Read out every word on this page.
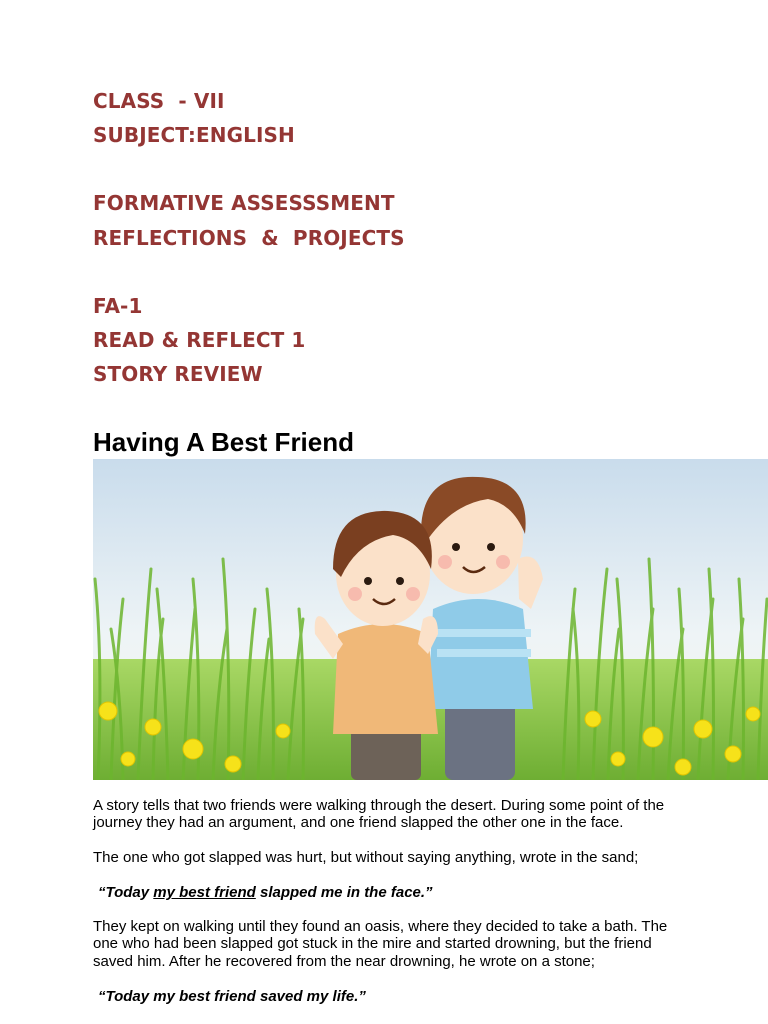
CLASS  - VII

SUBJECT:ENGLISH

FORMATIVE ASSESSSMENT

REFLECTIONS  &  PROJECTS

FA-1

READ & REFLECT 1

STORY REVIEW

Having A Best Friend

A story tells that two friends were walking through the desert. During some point of the journey they had an argument, and one friend slapped the other one in the face.

The one who got slapped was hurt, but without saying anything, wrote in the sand;

“Today my best friend slapped me in the face.”

They kept on walking until they found an oasis, where they decided to take a bath. The one who had been slapped got stuck in the mire and started drowning, but the friend saved him. After he recovered from the near drowning, he wrote on a stone;

“Today my best friend saved my life.”
